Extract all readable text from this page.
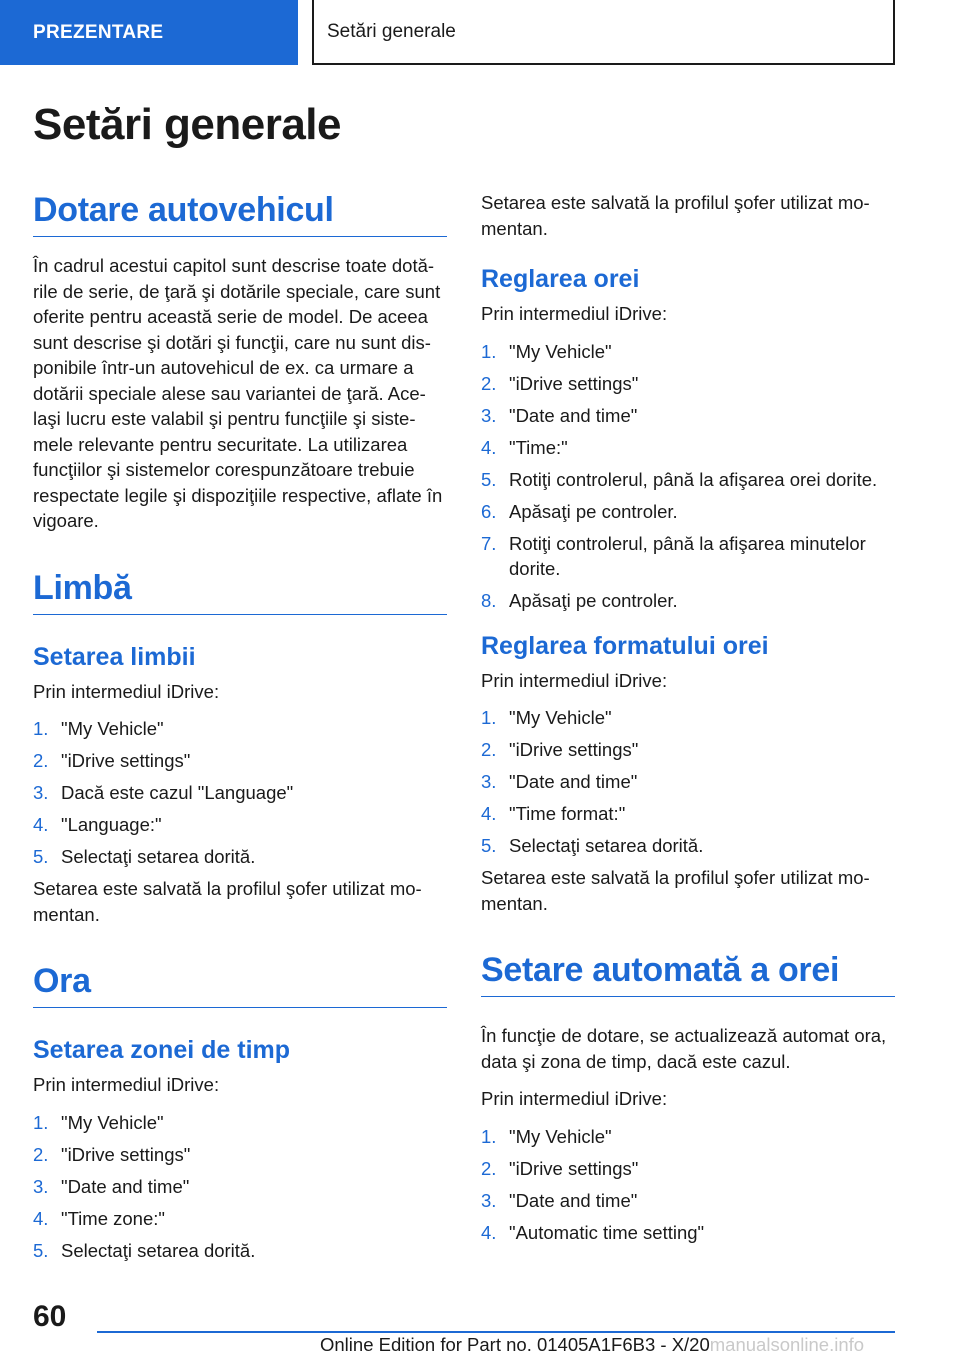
PREZENTARE	Setări generale
Setări generale
Dotare autovehicul

În cadrul acestui capitol sunt descrise toate dotă-rile de serie, de ţară şi dotările speciale, care sunt oferite pentru această serie de model. De aceea sunt descrise şi dotări şi funcţii, care nu sunt dis-ponibile într-un autovehicul de ex. ca urmare a dotării speciale alese sau variantei de ţară. Ace-laşi lucru este valabil şi pentru funcţiile şi siste-mele relevante pentru securitate. La utilizarea funcţiilor şi sistemelor corespunzătoare trebuie respectate legile şi dispoziţiile respective, aflate în vigoare.

Limbă
Setarea limbii

Prin intermediul iDrive:

1. "My Vehicle"
2. "iDrive settings"
3. Dacă este cazul "Language"
4. "Language:"
5. Selectaţi setarea dorită.

Setarea este salvată la profilul şofer utilizat mo-mentan.

Ora
Setarea zonei de timp

Prin intermediul iDrive:

1. "My Vehicle"
2. "iDrive settings"
3. "Date and time"
4. "Time zone:"
5. Selectaţi setarea dorită.

Setarea este salvată la profilul şofer utilizat mo-mentan.

Reglarea orei

Prin intermediul iDrive:

1. "My Vehicle"
2. "iDrive settings"
3. "Date and time"
4. "Time:"
5. Rotiţi controlerul, până la afişarea orei dorite.
6. Apăsaţi pe controler.
7. Rotiţi controlerul, până la afişarea minutelor dorite.
8. Apăsaţi pe controler.
Reglarea formatului orei

Prin intermediul iDrive:

1. "My Vehicle"
2. "iDrive settings"
3. "Date and time"
4. "Time format:"
5. Selectaţi setarea dorită.

Setarea este salvată la profilul şofer utilizat mo-mentan.

Setare automată a orei

În funcţie de dotare, se actualizează automat ora, data şi zona de timp, dacă este cazul.

Prin intermediul iDrive:

1. "My Vehicle"
2. "iDrive settings"
3. "Date and time"
4. "Automatic time setting"
60
Online Edition for Part no. 01405A1F6B3 - X/20manualsonline.info
